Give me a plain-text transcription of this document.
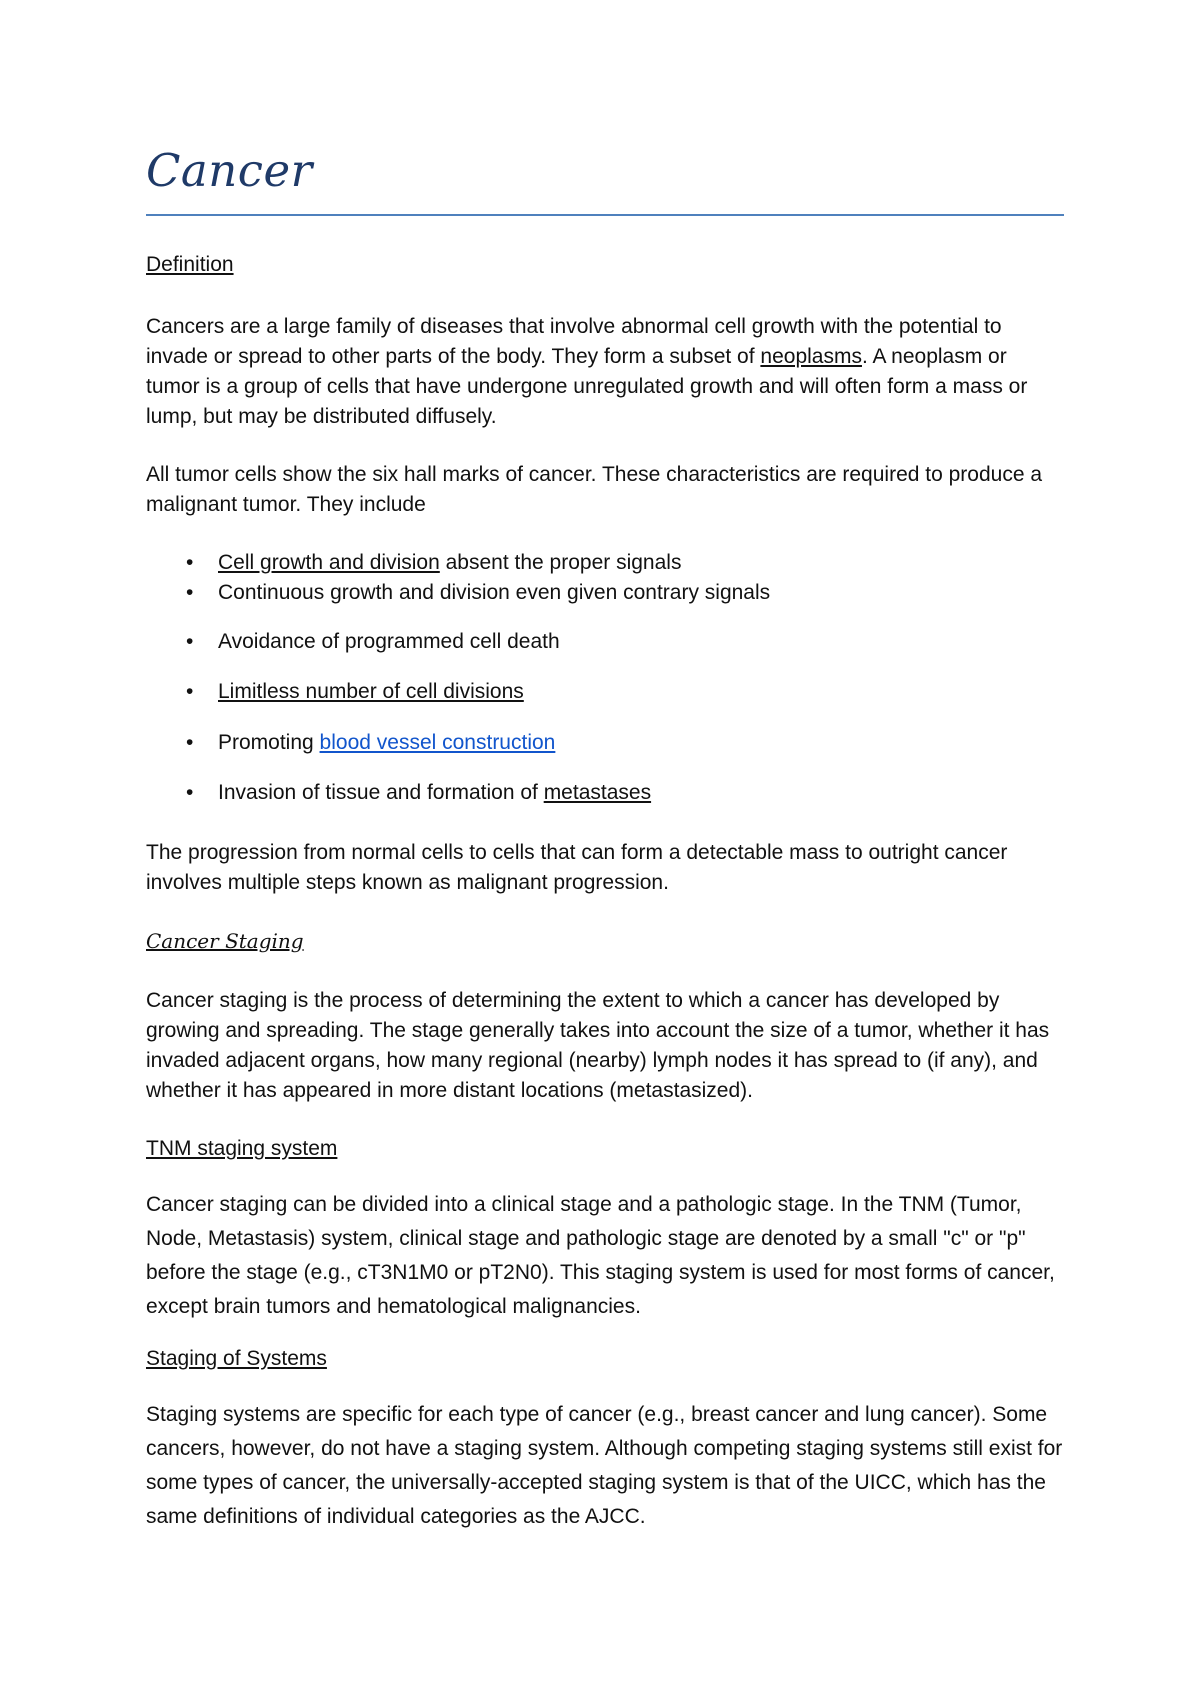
Cancer
Definition

Cancers are a large family of diseases that involve abnormal cell growth with the potential to invade or spread to other parts of the body. They form a subset of neoplasms. A neoplasm or tumor is a group of cells that have undergone unregulated growth and will often form a mass or lump, but may be distributed diffusely.

All tumor cells show the six hall marks of cancer. These characteristics are required to produce a malignant tumor. They include

•	Cell growth and division absent the proper signals
•	Continuous growth and division even given contrary signals
•	Avoidance of programmed cell death
•	Limitless number of cell divisions
•	Promoting blood vessel construction
•	Invasion of tissue and formation of metastases

The progression from normal cells to cells that can form a detectable mass to outright cancer involves multiple steps known as malignant progression.

Cancer Staging

Cancer staging is the process of determining the extent to which a cancer has developed by growing and spreading. The stage generally takes into account the size of a tumor, whether it has invaded adjacent organs, how many regional (nearby) lymph nodes it has spread to (if any), and whether it has appeared in more distant locations (metastasized).

TNM staging system

Cancer staging can be divided into a clinical stage and a pathologic stage. In the TNM (Tumor, Node, Metastasis) system, clinical stage and pathologic stage are denoted by a small "c" or "p" before the stage (e.g., cT3N1M0 or pT2N0). This staging system is used for most forms of cancer, except brain tumors and hematological malignancies.

Staging of Systems

Staging systems are specific for each type of cancer (e.g., breast cancer and lung cancer). Some cancers, however, do not have a staging system. Although competing staging systems still exist for some types of cancer, the universally-accepted staging system is that of the UICC, which has the same definitions of individual categories as the AJCC.
